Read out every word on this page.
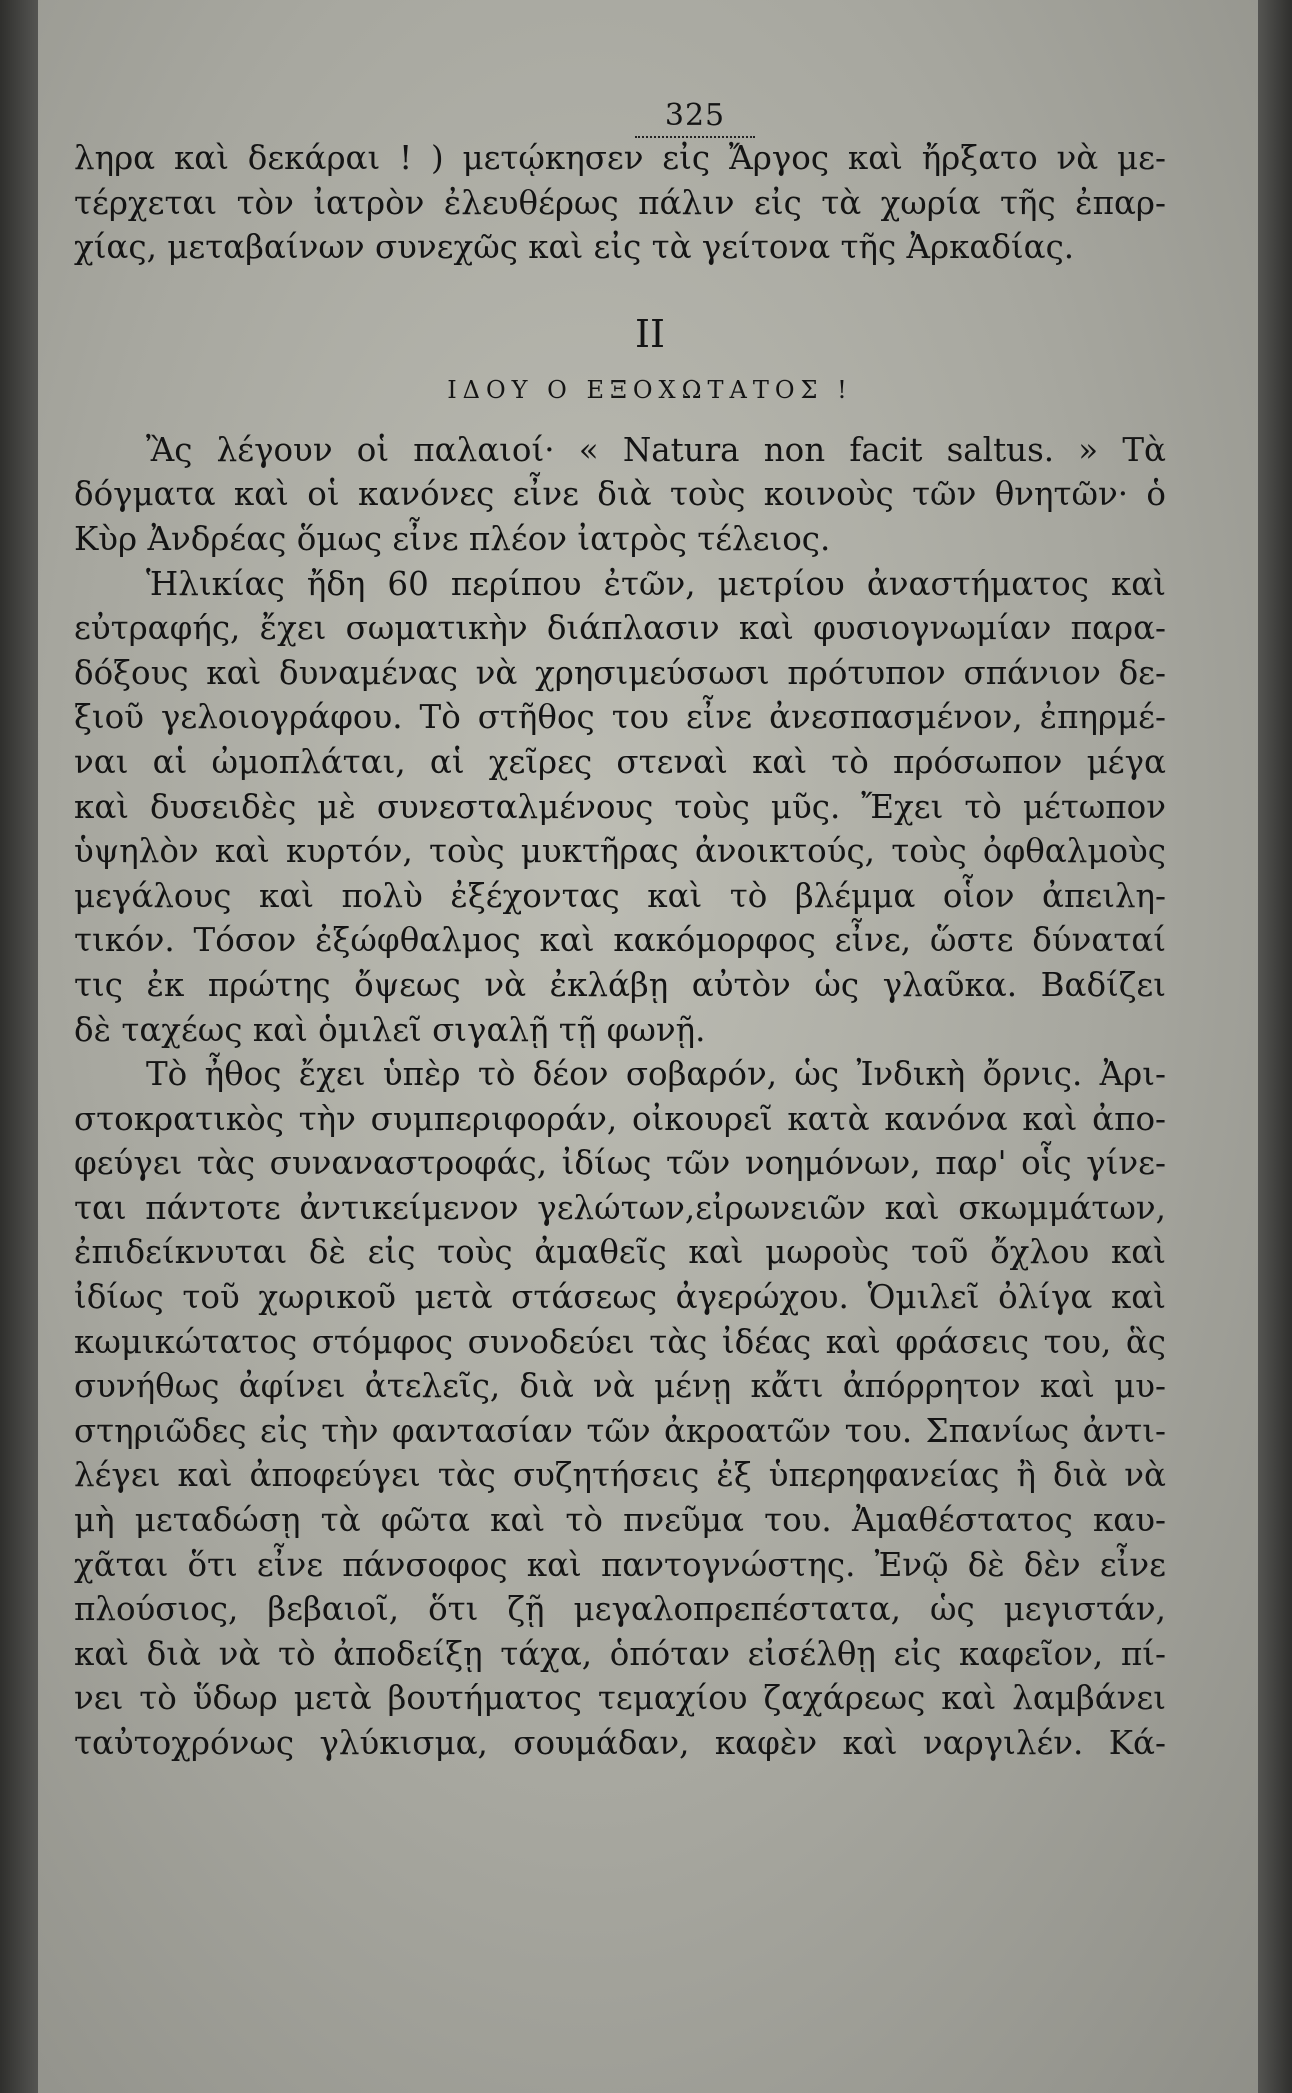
325
ληρα καὶ δεκάραι ! ) μετῴκησεν εἰς Ἄργος καὶ ἤρξατο νὰ με-
τέρχεται τὸν ἰατρὸν ἐλευθέρως πάλιν εἰς τὰ χωρία τῆς ἐπαρ-
χίας, μεταβαίνων συνεχῶς καὶ εἰς τὰ γείτονα τῆς Ἀρκαδίας.
II
ΙΔΟΥ Ο ΕΞΟΧΩΤΑΤΟΣ !
Ἂς λέγουν οἱ παλαιοί· « Natura non facit saltus. » Τὰ
δόγματα καὶ οἱ κανόνες εἶνε διὰ τοὺς κοινοὺς τῶν θνητῶν· ὁ
Κὺρ Ἀνδρέας ὅμως εἶνε πλέον ἰατρὸς τέλειος.
Ἡλικίας ἤδη 60 περίπου ἐτῶν, μετρίου ἀναστήματος καὶ
εὐτραφής, ἔχει σωματικὴν διάπλασιν καὶ φυσιογνωμίαν παρα-
δόξους καὶ δυναμένας νὰ χρησιμεύσωσι πρότυπον σπάνιον δε-
ξιοῦ γελοιογράφου. Τὸ στῆθος του εἶνε ἀνεσπασμένον, ἐπηρμέ-
ναι αἱ ὠμοπλάται, αἱ χεῖρες στεναὶ καὶ τὸ πρόσωπον μέγα
καὶ δυσειδὲς μὲ συνεσταλμένους τοὺς μῦς. Ἔχει τὸ μέτωπον
ὑψηλὸν καὶ κυρτόν, τοὺς μυκτῆρας ἀνοικτούς, τοὺς ὀφθαλμοὺς
μεγάλους καὶ πολὺ ἐξέχοντας καὶ τὸ βλέμμα οἷον ἀπειλη-
τικόν. Τόσον ἐξώφθαλμος καὶ κακόμορφος εἶνε, ὥστε δύναταί
τις ἐκ πρώτης ὄψεως νὰ ἐκλάβῃ αὐτὸν ὡς γλαῦκα. Βαδίζει
δὲ ταχέως καὶ ὁμιλεῖ σιγαλῇ τῇ φωνῇ.
Τὸ ἦθος ἔχει ὑπὲρ τὸ δέον σοβαρόν, ὡς Ἰνδικὴ ὄρνις. Ἀρι-
στοκρατικὸς τὴν συμπεριφοράν, οἰκουρεῖ κατὰ κανόνα καὶ ἀπο-
φεύγει τὰς συναναστροφάς, ἰδίως τῶν νοημόνων, παρ' οἷς γίνε-
ται πάντοτε ἀντικείμενον γελώτων,εἰρωνειῶν καὶ σκωμμάτων,
ἐπιδείκνυται δὲ εἰς τοὺς ἀμαθεῖς καὶ μωροὺς τοῦ ὄχλου καὶ
ἰδίως τοῦ χωρικοῦ μετὰ στάσεως ἀγερώχου. Ὁμιλεῖ ὀλίγα καὶ
κωμικώτατος στόμφος συνοδεύει τὰς ἰδέας καὶ φράσεις του, ἃς
συνήθως ἀφίνει ἀτελεῖς, διὰ νὰ μένῃ κἄτι ἀπόρρητον καὶ μυ-
στηριῶδες εἰς τὴν φαντασίαν τῶν ἀκροατῶν του. Σπανίως ἀντι-
λέγει καὶ ἀποφεύγει τὰς συζητήσεις ἐξ ὑπερηφανείας ἢ διὰ νὰ
μὴ μεταδώσῃ τὰ φῶτα καὶ τὸ πνεῦμα του. Ἀμαθέστατος καυ-
χᾶται ὅτι εἶνε πάνσοφος καὶ παντογνώστης. Ἐνῷ δὲ δὲν εἶνε
πλούσιος, βεβαιοῖ, ὅτι ζῇ μεγαλοπρεπέστατα, ὡς μεγιστάν,
καὶ διὰ νὰ τὸ ἀποδείξῃ τάχα, ὁπόταν εἰσέλθῃ εἰς καφεῖον, πί-
νει τὸ ὕδωρ μετὰ βουτήματος τεμαχίου ζαχάρεως καὶ λαμβάνει
ταὐτοχρόνως γλύκισμα, σουμάδαν, καφὲν καὶ ναργιλέν. Κά-
